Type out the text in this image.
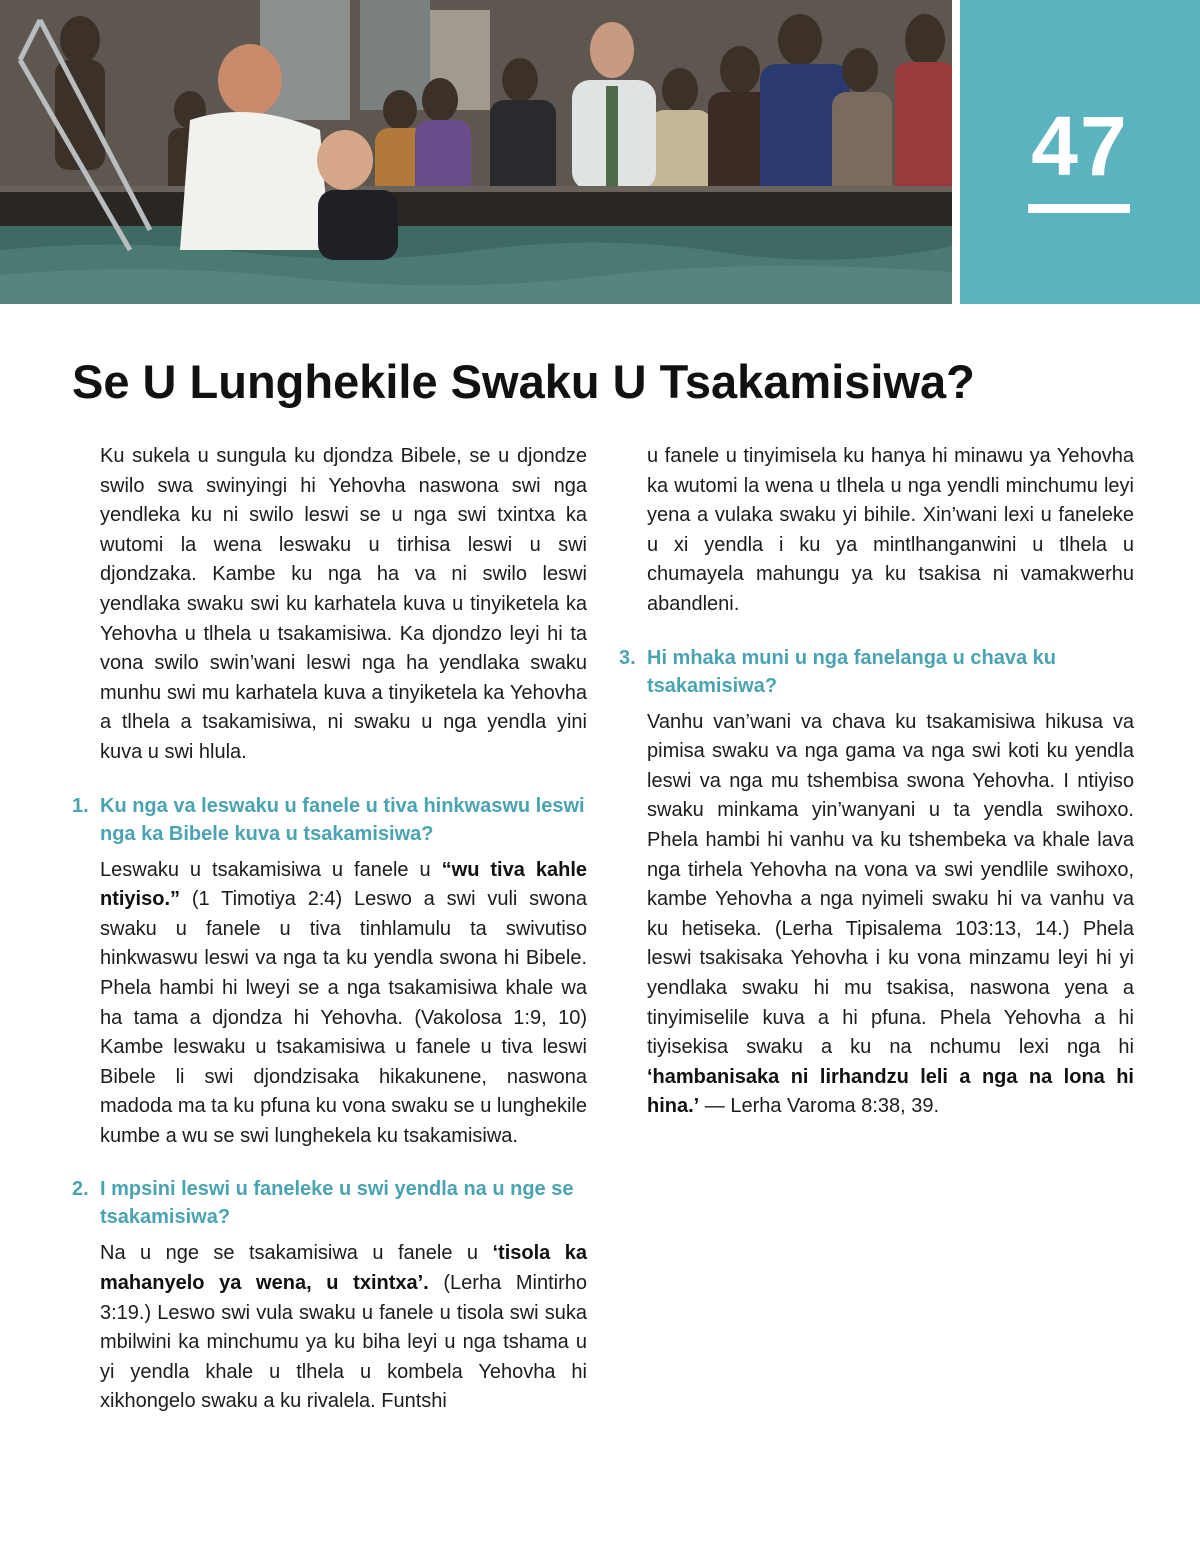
47
Se U Lunghekile Swaku U Tsakamisiwa?

Ku sukela u sungula ku djondza Bibele, se u djondze swilo swa swinyingi hi Yehovha naswona swi nga yendleka ku ni swilo leswi se u nga swi txintxa ka wutomi la wena leswaku u tirhisa leswi u swi djondzaka. Kambe ku nga ha va ni swilo leswi yendlaka swaku swi ku karhatela kuva u tinyiketela ka Yehovha u tlhela u tsakamisiwa. Ka djondzo leyi hi ta vona swilo swin’wani leswi nga ha yendlaka swaku munhu swi mu karhatela kuva a tinyiketela ka Yehovha a tlhela a tsakamisiwa, ni swaku u nga yendla yini kuva u swi hlula.

1. Ku nga va leswaku u fanele u tiva hinkwaswu leswi nga ka Bibele kuva u tsakamisiwa?

Leswaku u tsakamisiwa u fanele u “wu tiva kahle ntiyiso.” (1 Timotiya 2:4) Leswo a swi vuli swona swaku u fanele u tiva tinhlamulu ta swivutiso hinkwaswu leswi va nga ta ku yendla swona hi Bibele. Phela hambi hi lweyi se a nga tsakamisiwa khale wa ha tama a djondza hi Yehovha. (Vakolosa 1:9, 10) Kambe leswaku u tsakamisiwa u fanele u tiva leswi Bibele li swi djondzisaka hikakunene, naswona madoda ma ta ku pfuna ku vona swaku se u lunghekile kumbe a wu se swi lunghekela ku tsakamisiwa.

2. I mpsini leswi u faneleke u swi yendla na u nge se tsakamisiwa?

Na u nge se tsakamisiwa u fanele u ‘tisola ka mahanyelo ya wena, u txintxa’. (Lerha Mintirho 3:19.) Leswo swi vula swaku u fanele u tisola swi suka mbilwini ka minchumu ya ku biha leyi u nga tshama u yi yendla khale u tlhela u kombela Yehovha hi xikhongelo swaku a ku rivalela. Funtshi

u fanele u tinyimisela ku hanya hi minawu ya Yehovha ka wutomi la wena u tlhela u nga yendli minchumu leyi yena a vulaka swaku yi bihile. Xin’wani lexi u faneleke u xi yendla i ku ya mintlhanganwini u tlhela u chumayela mahungu ya ku tsakisa ni vamakwerhu abandleni.

3. Hi mhaka muni u nga fanelanga u chava ku tsakamisiwa?

Vanhu van’wani va chava ku tsakamisiwa hikusa va pimisa swaku va nga gama va nga swi koti ku yendla leswi va nga mu tshembisa swona Yehovha. I ntiyiso swaku minkama yin’wanyani u ta yendla swihoxo. Phela hambi hi vanhu va ku tshembeka va khale lava nga tirhela Yehovha na vona va swi yendlile swihoxo, kambe Yehovha a nga nyimeli swaku hi va vanhu va ku hetiseka. (Lerha Tipisalema 103:13, 14.) Phela leswi tsakisaka Yehovha i ku vona minzamu leyi hi yi yendlaka swaku hi mu tsakisa, naswona yena a tinyimiselile kuva a hi pfuna. Phela Yehovha a hi tiyisekisa swaku a ku na nchumu lexi nga hi ‘hambanisaka ni lirhandzu leli a nga na lona hi hina.’ — Lerha Varoma 8:38, 39.
